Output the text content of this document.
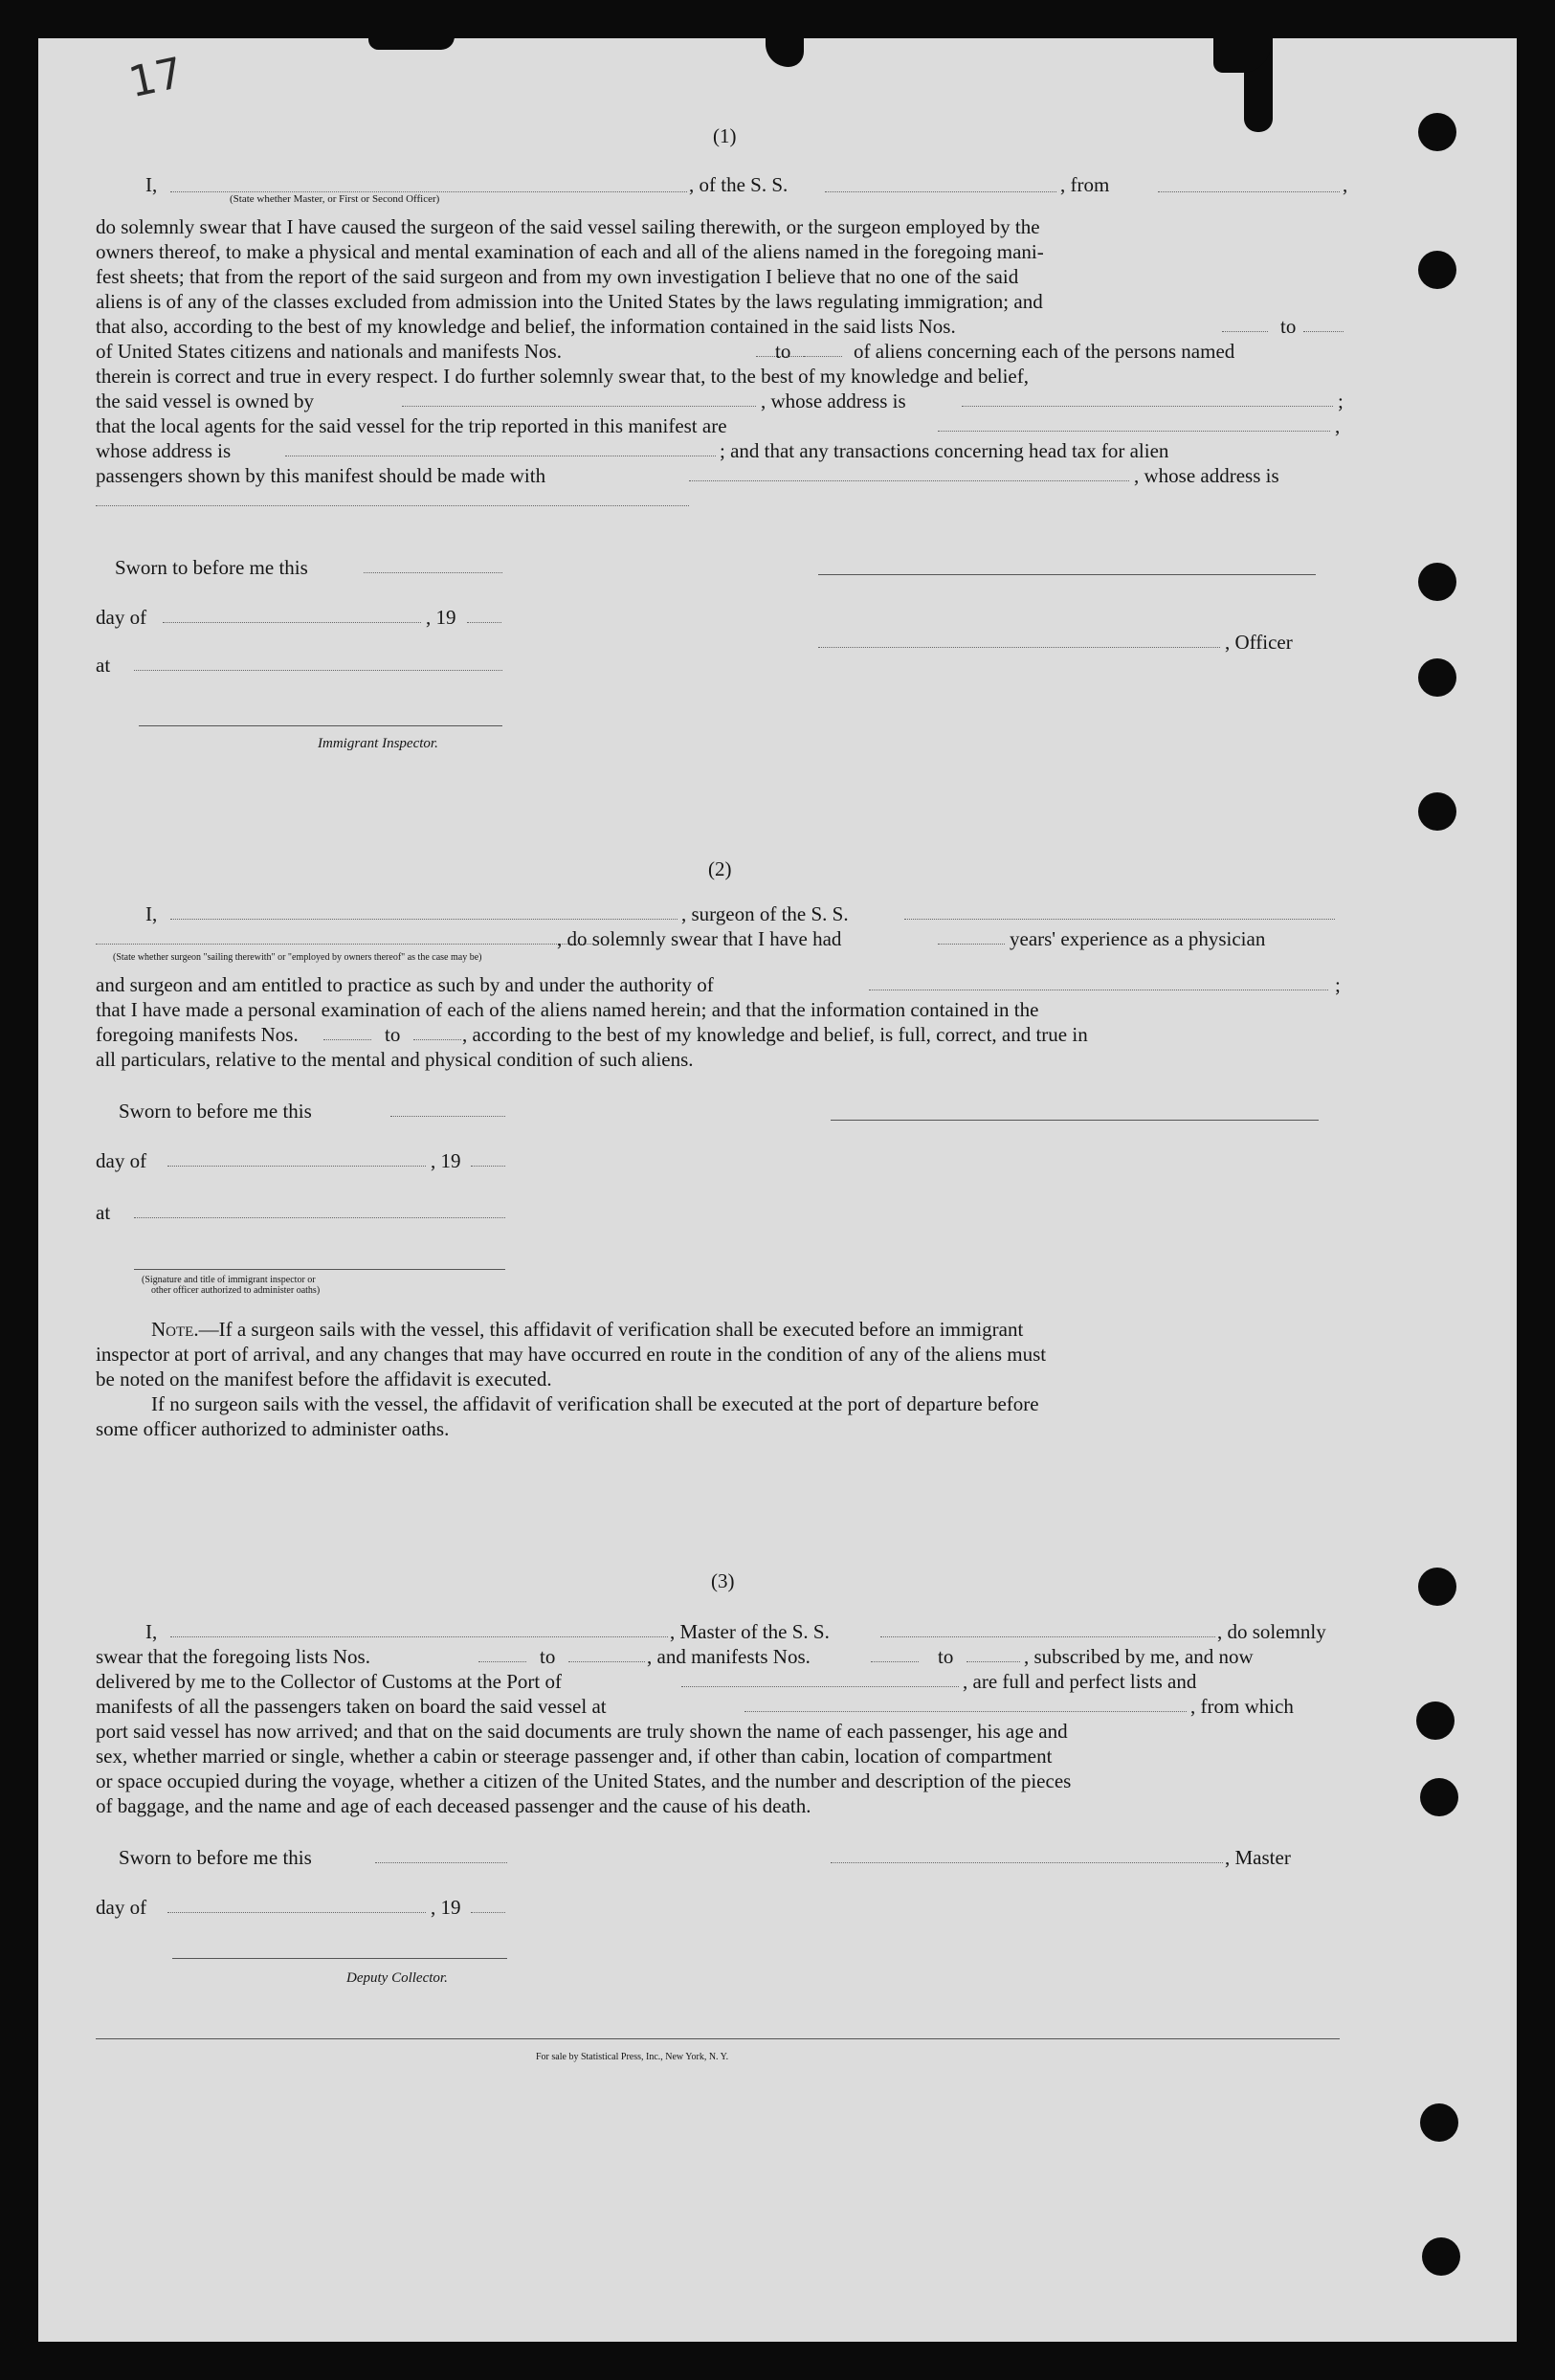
17
(1)
I,	, of the S. S.	, from	,
(State whether Master, or First or Second Officer)
do solemnly swear that I have caused the surgeon of the said vessel sailing therewith, or the surgeon employed by the
owners thereof, to make a physical and mental examination of each and all of the aliens named in the foregoing mani-
fest sheets; that from the report of the said surgeon and from my own investigation I believe that no one of the said
aliens is of any of the classes excluded from admission into the United States by the laws regulating immigration; and
that also, according to the best of my knowledge and belief, the information contained in the said lists Nos.	to
of United States citizens and nationals and manifests Nos.	to	of aliens concerning each of the persons named
therein is correct and true in every respect. I do further solemnly swear that, to the best of my knowledge and belief,
the said vessel is owned by	, whose address is	;
that the local agents for the said vessel for the trip reported in this manifest are	,
whose address is	; and that any transactions concerning head tax for alien
passengers shown by this manifest should be made with	, whose address is
Sworn to before me this
day of	, 19
, Officer
at
Immigrant Inspector.
(2)
I,	, surgeon of the S. S.
, do solemnly swear that I have had	years' experience as a physician
(State whether surgeon "sailing therewith" or "employed by owners thereof" as the case may be)
and surgeon and am entitled to practice as such by and under the authority of	;
that I have made a personal examination of each of the aliens named herein; and that the information contained in the
foregoing manifests Nos.	to	, according to the best of my knowledge and belief, is full, correct, and true in
all particulars, relative to the mental and physical condition of such aliens.
Sworn to before me this
day of	, 19
at
(Signature and title of immigrant inspector or
other officer authorized to administer oaths)
Note.—If a surgeon sails with the vessel, this affidavit of verification shall be executed before an immigrant
inspector at port of arrival, and any changes that may have occurred en route in the condition of any of the aliens must
be noted on the manifest before the affidavit is executed.
If no surgeon sails with the vessel, the affidavit of verification shall be executed at the port of departure before
some officer authorized to administer oaths.
(3)
I,	, Master of the S. S.	, do solemnly
swear that the foregoing lists Nos.	to	, and manifests Nos.	to	, subscribed by me, and now
delivered by me to the Collector of Customs at the Port of	, are full and perfect lists and
manifests of all the passengers taken on board the said vessel at	, from which
port said vessel has now arrived; and that on the said documents are truly shown the name of each passenger, his age and
sex, whether married or single, whether a cabin or steerage passenger and, if other than cabin, location of compartment
or space occupied during the voyage, whether a citizen of the United States, and the number and description of the pieces
of baggage, and the name and age of each deceased passenger and the cause of his death.
Sworn to before me this	, Master
day of	, 19
Deputy Collector.
For sale by Statistical Press, Inc., New York, N. Y.
